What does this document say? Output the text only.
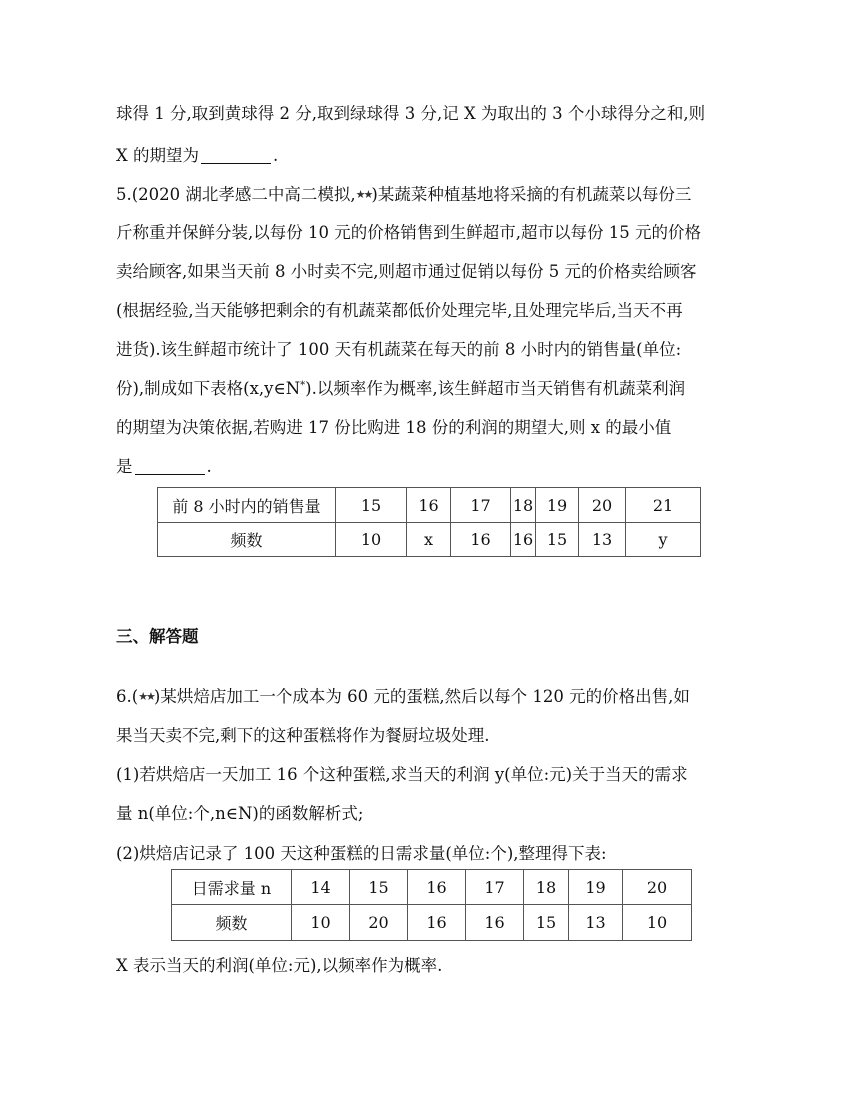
球得 1 分,取到黄球得 2 分,取到绿球得 3 分,记 X 为取出的 3 个小球得分之和,则
X 的期望为	.
5.(2020 湖北孝感二中高二模拟,★★)某蔬菜种植基地将采摘的有机蔬菜以每份三
斤称重并保鲜分装,以每份 10 元的价格销售到生鲜超市,超市以每份 15 元的价格
卖给顾客,如果当天前 8 小时卖不完,则超市通过促销以每份 5 元的价格卖给顾客
(根据经验,当天能够把剩余的有机蔬菜都低价处理完毕,且处理完毕后,当天不再
进货).该生鲜超市统计了 100 天有机蔬菜在每天的前 8 小时内的销售量(单位:
份),制成如下表格(x,y∈N*).以频率作为概率,该生鲜超市当天销售有机蔬菜利润
的期望为决策依据,若购进 17 份比购进 18 份的利润的期望大,则 x 的最小值
是	.
前 8 小时内的销售量	15	16	17	18	19	20	21
频数	10	x	16	16	15	13	y
三、解答题
6.(★★)某烘焙店加工一个成本为 60 元的蛋糕,然后以每个 120 元的价格出售,如
果当天卖不完,剩下的这种蛋糕将作为餐厨垃圾处理.
(1)若烘焙店一天加工 16 个这种蛋糕,求当天的利润 y(单位:元)关于当天的需求
量 n(单位:个,n∈N)的函数解析式;
(2)烘焙店记录了 100 天这种蛋糕的日需求量(单位:个),整理得下表:
日需求量 n	14	15	16	17	18	19	20
频数	10	20	16	16	15	13	10
X 表示当天的利润(单位:元),以频率作为概率.
